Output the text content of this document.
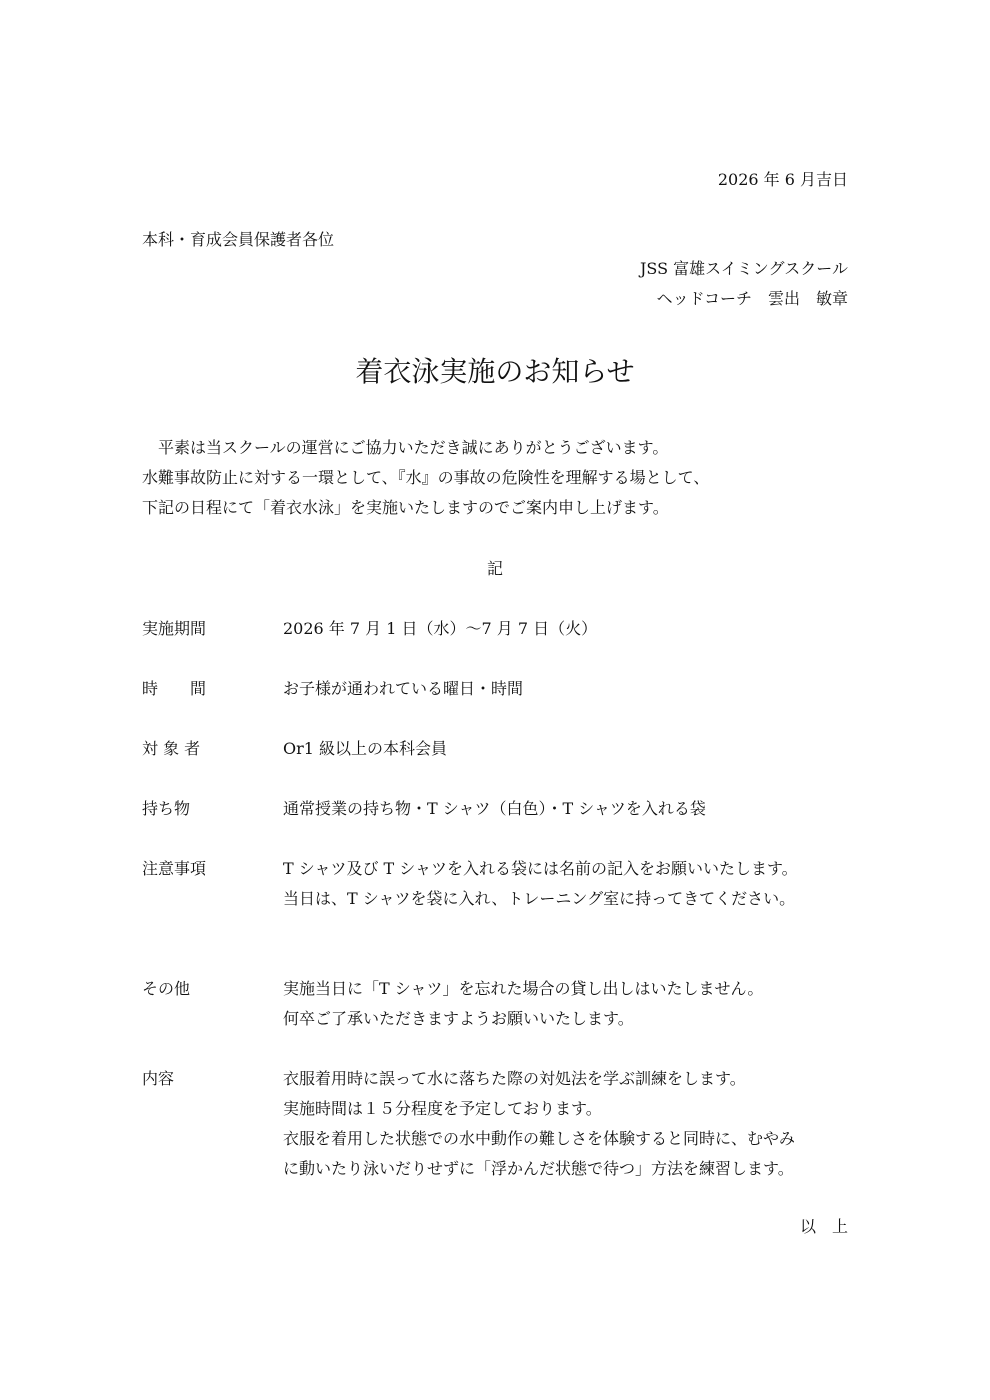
2026 年 6 月吉日
本科・育成会員保護者各位
JSS 富雄スイミングスクール
ヘッドコーチ　雲出　敏章
着衣泳実施のお知らせ
　平素は当スクールの運営にご協力いただき誠にありがとうございます。
水難事故防止に対する一環として、『水』の事故の危険性を理解する場として、
下記の日程にて「着衣水泳」を実施いたしますのでご案内申し上げます。
記
実施期間	2026 年 7 月 1 日（水）～7 月 7 日（火）
時　　間	お子様が通われている曜日・時間
対 象 者	Or1 級以上の本科会員
持ち物	通常授業の持ち物・T シャツ（白色）・T シャツを入れる袋
注意事項	T シャツ及び T シャツを入れる袋には名前の記入をお願いいたします。
当日は、T シャツを袋に入れ、トレーニング室に持ってきてください。
その他	実施当日に「T シャツ」を忘れた場合の貸し出しはいたしません。
何卒ご了承いただきますようお願いいたします。
内容	衣服着用時に誤って水に落ちた際の対処法を学ぶ訓練をします。
実施時間は１５分程度を予定しております。
衣服を着用した状態での水中動作の難しさを体験すると同時に、むやみ
に動いたり泳いだりせずに「浮かんだ状態で待つ」方法を練習します。
以　上
